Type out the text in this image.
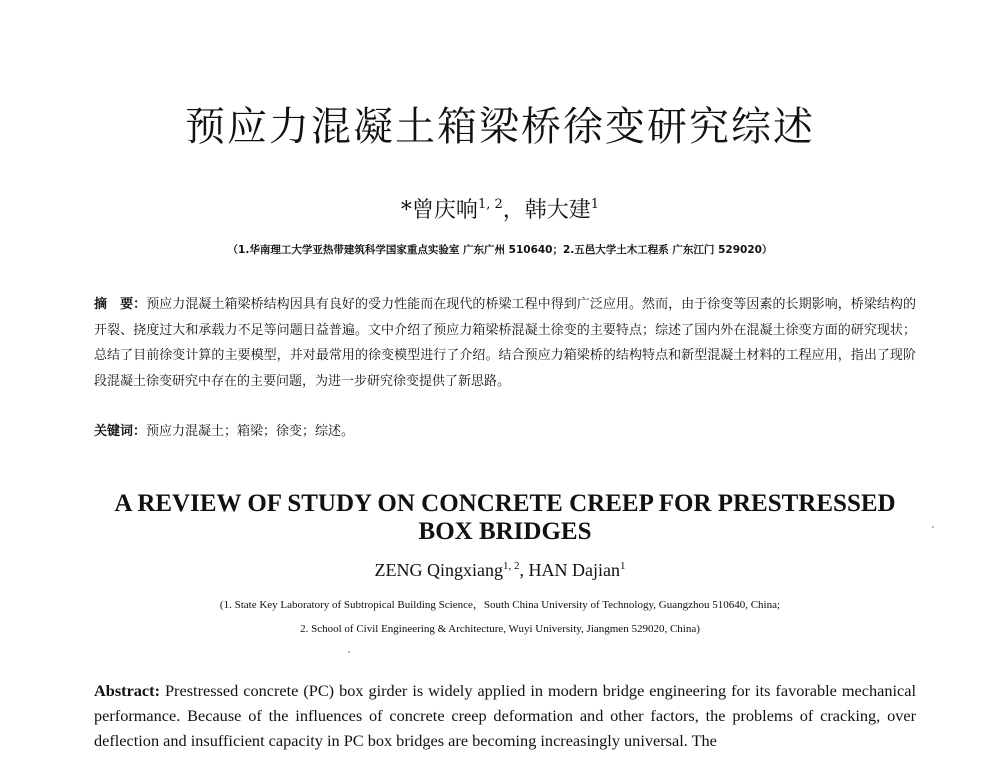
预应力混凝土箱梁桥徐变研究综述
*曾庆响$^{1, 2}$，韩大建$^1$
（1.华南理工大学亚热带建筑科学国家重点实验室 广东广州 510640；2.五邑大学土木工程系 广东江门 529020）
摘　要：预应力混凝土箱梁桥结构因具有良好的受力性能而在现代的桥梁工程中得到广泛应用。然而，由于徐变等因素的长期影响，桥梁结构的开裂、挠度过大和承载力不足等问题日益普遍。文中介绍了预应力箱梁桥混凝土徐变的主要特点；综述了国内外在混凝土徐变方面的研究现状；总结了目前徐变计算的主要模型，并对最常用的徐变模型进行了介绍。结合预应力箱梁桥的结构特点和新型混凝土材料的工程应用，指出了现阶段混凝土徐变研究中存在的主要问题，为进一步研究徐变提供了新思路。
关键词：预应力混凝土；箱梁；徐变；综述。
A REVIEW OF STUDY ON CONCRETE CREEP FOR PRESTRESSED BOX BRIDGES
ZENG Qingxiang$^{1, 2}$, HAN Dajian$^1$
(1. State Key Laboratory of Subtropical Building Science，South China University of Technology, Guangzhou 510640, China;
2. School of Civil Engineering & Architecture, Wuyi University, Jiangmen 529020, China)
Abstract: Prestressed concrete (PC) box girder is widely applied in modern bridge engineering for its favorable mechanical performance. Because of the influences of concrete creep deformation and other factors, the problems of cracking, over deflection and insufficient capacity in PC box bridges are becoming increasingly universal. The
